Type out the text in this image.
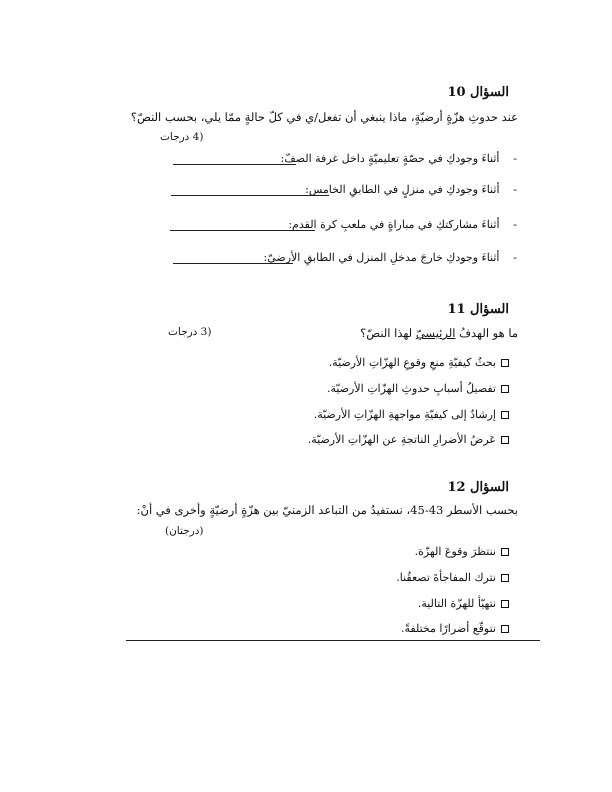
السؤال 10
عند حدوثِ هزّةٍ أرضيّةٍ، ماذا ينبغي أن تفعل/ي في كلّ حالةٍ ممّا يلي، بحسب النصّ؟
(4 درجات
- أثناءَ وجودكِ في حصّةٍ تعليميّةٍ داخل غرفة الصفّ:
- أثناءَ وجودكِ في منزلٍ في الطابقِ الخامس:
- أثناءَ مشاركتكِ في مباراةٍ في ملعبِ كرة القدم:
- أثناءَ وجودكِ خارجَ مدخلِ المنزل في الطابقِ الأرضيّ:
السؤال 11
ما هو الهدفُ الرئيسيّ لهذا النصّ؟
(3 درجات
بحثُ كيفيّةِ منعِ وقوعِ الهزّاتِ الأرضيّة.
تفصيلُ أسبابِ حدوثِ الهزّاتِ الأرضيّة.
إرشادٌ إلى كيفيّةِ مواجهةِ الهزّاتِ الأرضيّة.
عَرضُ الأضرارِ الناتجةِ عن الهزّاتِ الأرضيّة.
السؤال 12
بحسب الأسطر 43-45، نستفيدُ من التباعد الزمنيّ بين هزّةٍ أرضيّةٍ وأخرى في أنْ:
(درجتان)
ننتظرَ وقوعَ الهزّة.
نترك المفاجأةَ تصعقُنا.
نتهيّأ للهزّة التالية.
نتوقّع أضرارًا مختلفةً.
